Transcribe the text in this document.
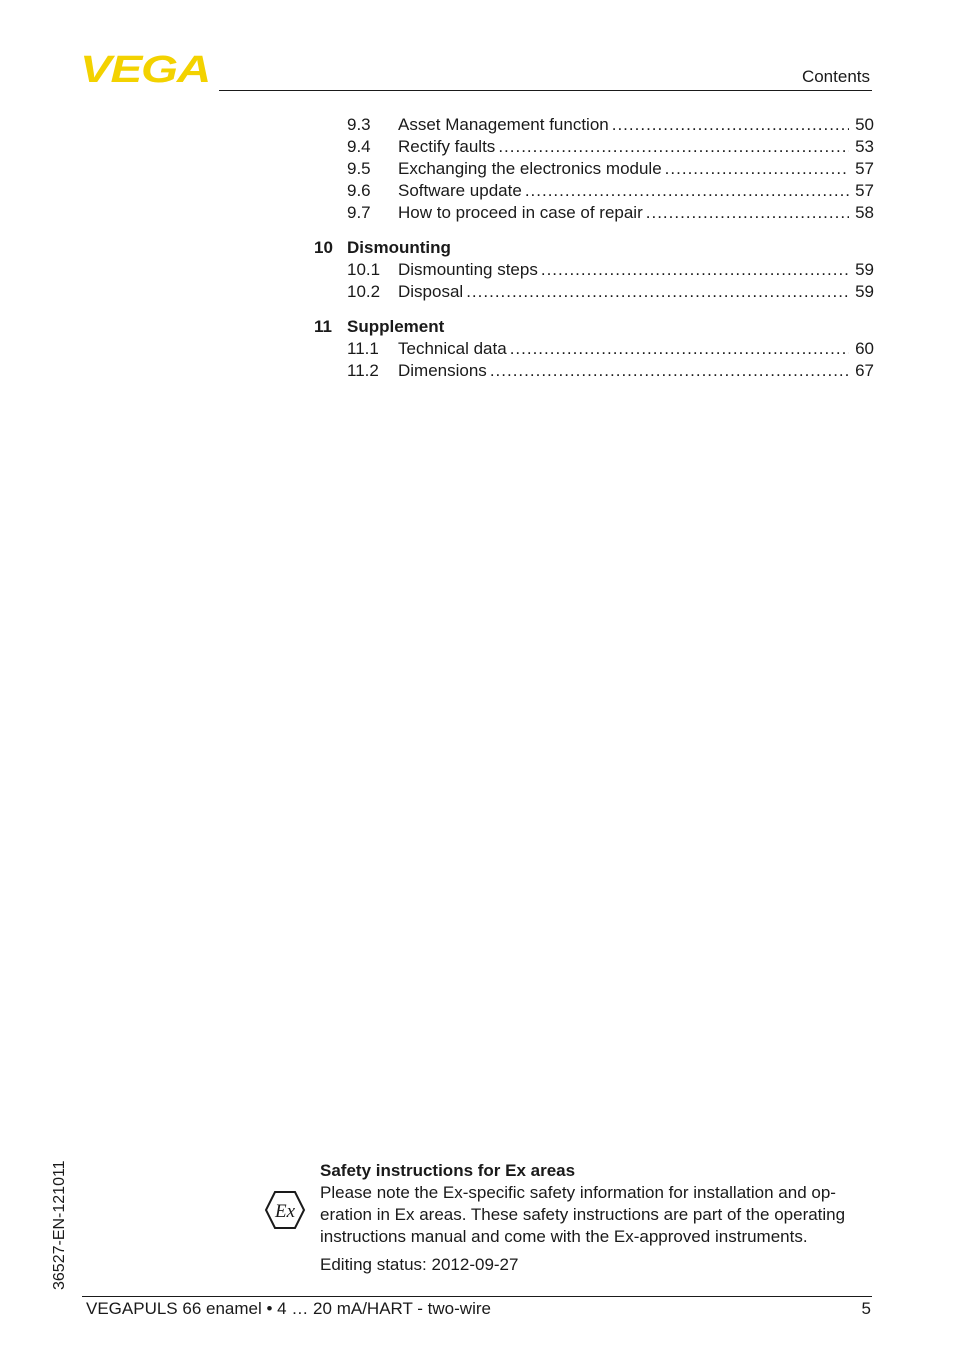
VEGA	Contents
9.3	Asset Management function .....	50
9.4	Rectify faults .....	53
9.5	Exchanging the electronics module .....	57
9.6	Software update .....	57
9.7	How to proceed in case of repair .....	58
10 Dismounting
10.1	Dismounting steps .....	59
10.2	Disposal .....	59
11 Supplement
11.1	Technical data .....	60
11.2	Dimensions .....	67
36527-EN-121011	Ex
Safety instructions for Ex areas
Please note the Ex-specific safety information for installation and op-
eration in Ex areas. These safety instructions are part of the operating
instructions manual and come with the Ex-approved instruments.
Editing status: 2012-09-27
VEGAPULS 66 enamel • 4 … 20 mA/HART - two-wire	5
